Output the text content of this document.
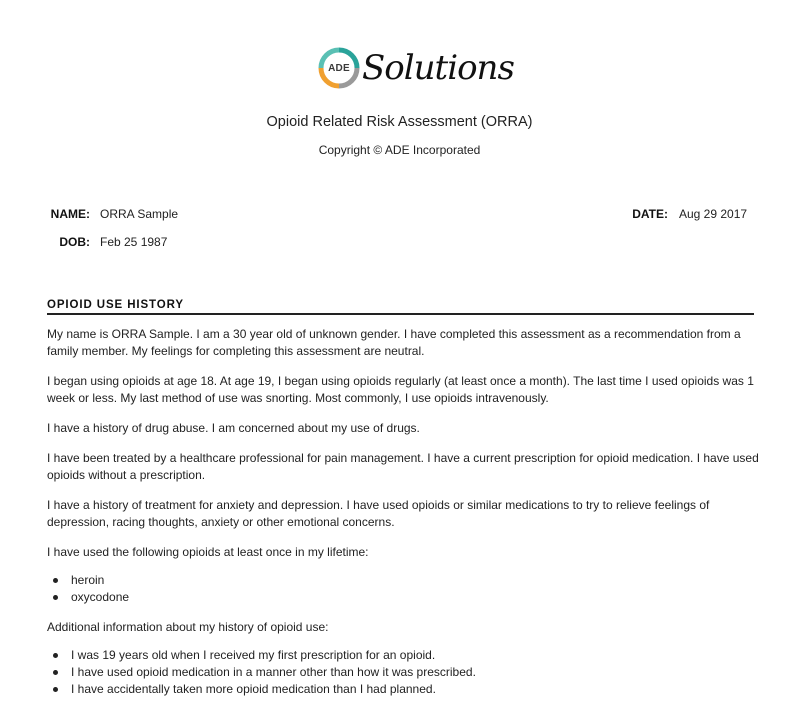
ADE Solutions
Opioid Related Risk Assessment (ORRA)
Copyright © ADE Incorporated
NAME: ORRA Sample
DOB: Feb 25 1987
DATE: Aug 29 2017
OPIOID USE HISTORY

My name is ORRA Sample. I am a 30 year old of unknown gender. I have completed this assessment as a recommendation from a family member. My feelings for completing this assessment are neutral.

I began using opioids at age 18. At age 19, I began using opioids regularly (at least once a month). The last time I used opioids was 1 week or less. My last method of use was snorting. Most commonly, I use opioids intravenously.

I have a history of drug abuse. I am concerned about my use of drugs.

I have been treated by a healthcare professional for pain management. I have a current prescription for opioid medication. I have used opioids without a prescription.

I have a history of treatment for anxiety and depression. I have used opioids or similar medications to try to relieve feelings of depression, racing thoughts, anxiety or other emotional concerns.

I have used the following opioids at least once in my lifetime:

heroin
oxycodone

Additional information about my history of opioid use:

I was 19 years old when I received my first prescription for an opioid.
I have used opioid medication in a manner other than how it was prescribed.
I have accidentally taken more opioid medication than I had planned.
